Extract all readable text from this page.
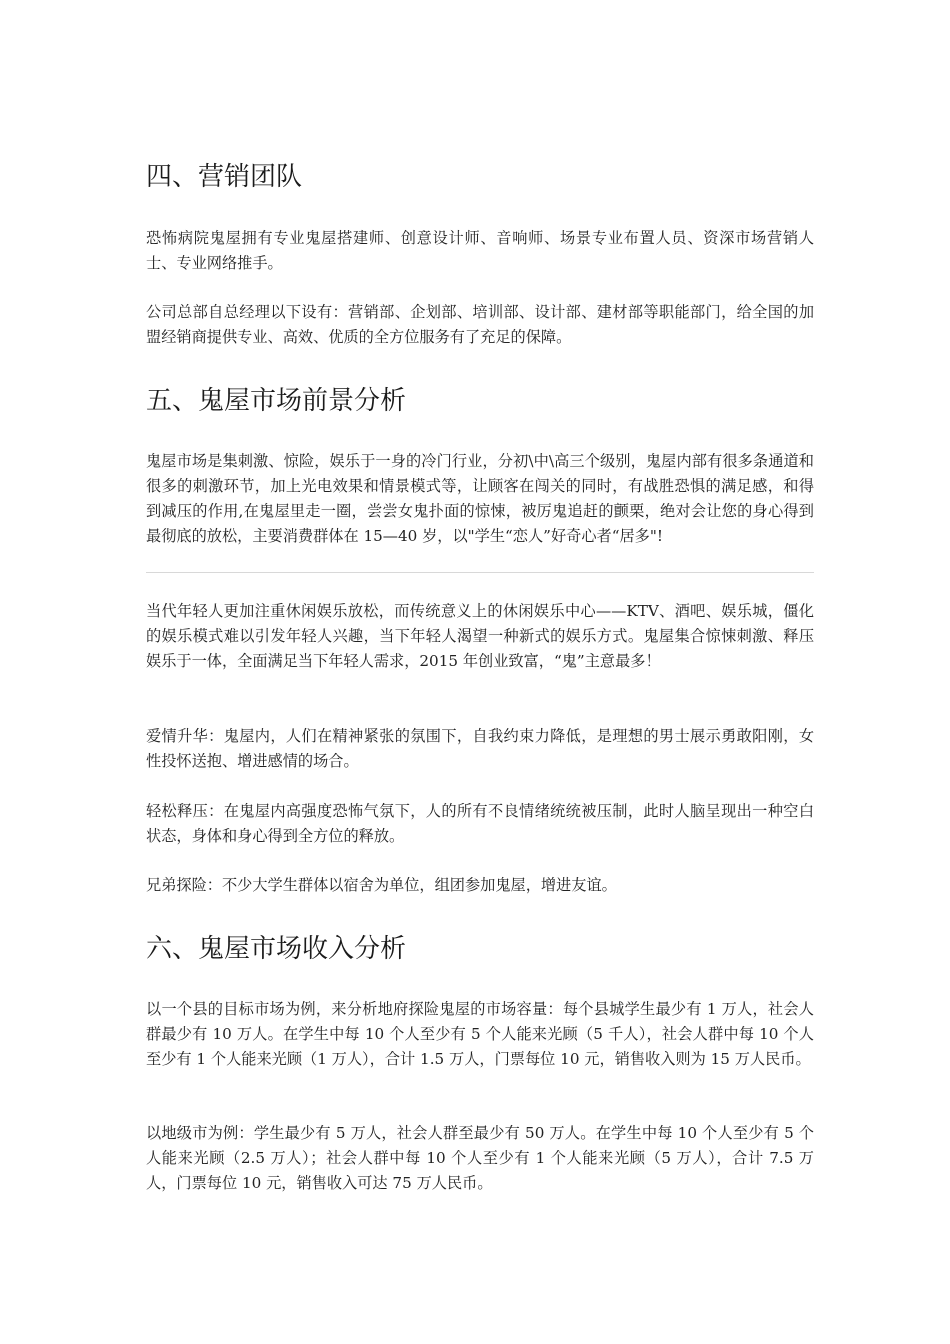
四、营销团队

恐怖病院鬼屋拥有专业鬼屋搭建师、创意设计师、音响师、场景专业布置人员、资深市场营销人士、专业网络推手。

公司总部自总经理以下设有：营销部、企划部、培训部、设计部、建材部等职能部门，给全国的加盟经销商提供专业、高效、优质的全方位服务有了充足的保障。

五、鬼屋市场前景分析

鬼屋市场是集刺激、惊险，娱乐于一身的冷门行业，分初\中\高三个级别，鬼屋内部有很多条通道和很多的刺激环节，加上光电效果和情景模式等，让顾客在闯关的同时，有战胜恐惧的满足感，和得到减压的作用,在鬼屋里走一圈，尝尝女鬼扑面的惊悚，被厉鬼追赶的颤栗，绝对会让您的身心得到最彻底的放松，主要消费群体在 15—40 岁，以"学生“恋人”好奇心者“居多"!

当代年轻人更加注重休闲娱乐放松，而传统意义上的休闲娱乐中心——KTV、酒吧、娱乐城，僵化的娱乐模式难以引发年轻人兴趣，当下年轻人渴望一种新式的娱乐方式。鬼屋集合惊悚刺激、释压娱乐于一体，全面满足当下年轻人需求，2015 年创业致富，“鬼”主意最多！

爱情升华：鬼屋内，人们在精神紧张的氛围下，自我约束力降低，是理想的男士展示勇敢阳刚，女性投怀送抱、增进感情的场合。

轻松释压：在鬼屋内高强度恐怖气氛下，人的所有不良情绪统统被压制，此时人脑呈现出一种空白状态，身体和身心得到全方位的释放。

兄弟探险：不少大学生群体以宿舍为单位，组团参加鬼屋，增进友谊。

六、鬼屋市场收入分析

以一个县的目标市场为例，来分析地府探险鬼屋的市场容量：每个县城学生最少有 1 万人，社会人群最少有 10 万人。在学生中每 10 个人至少有 5 个人能来光顾（5 千人），社会人群中每 10 个人至少有 1 个人能来光顾（1 万人），合计 1.5 万人，门票每位 10 元，销售收入则为 15 万人民币。

以地级市为例：学生最少有 5 万人，社会人群至最少有 50 万人。在学生中每 10 个人至少有 5 个人能来光顾（2.5 万人）；社会人群中每 10 个人至少有 1 个人能来光顾（5 万人），合计 7.5 万人，门票每位 10 元，销售收入可达 75 万人民币。
